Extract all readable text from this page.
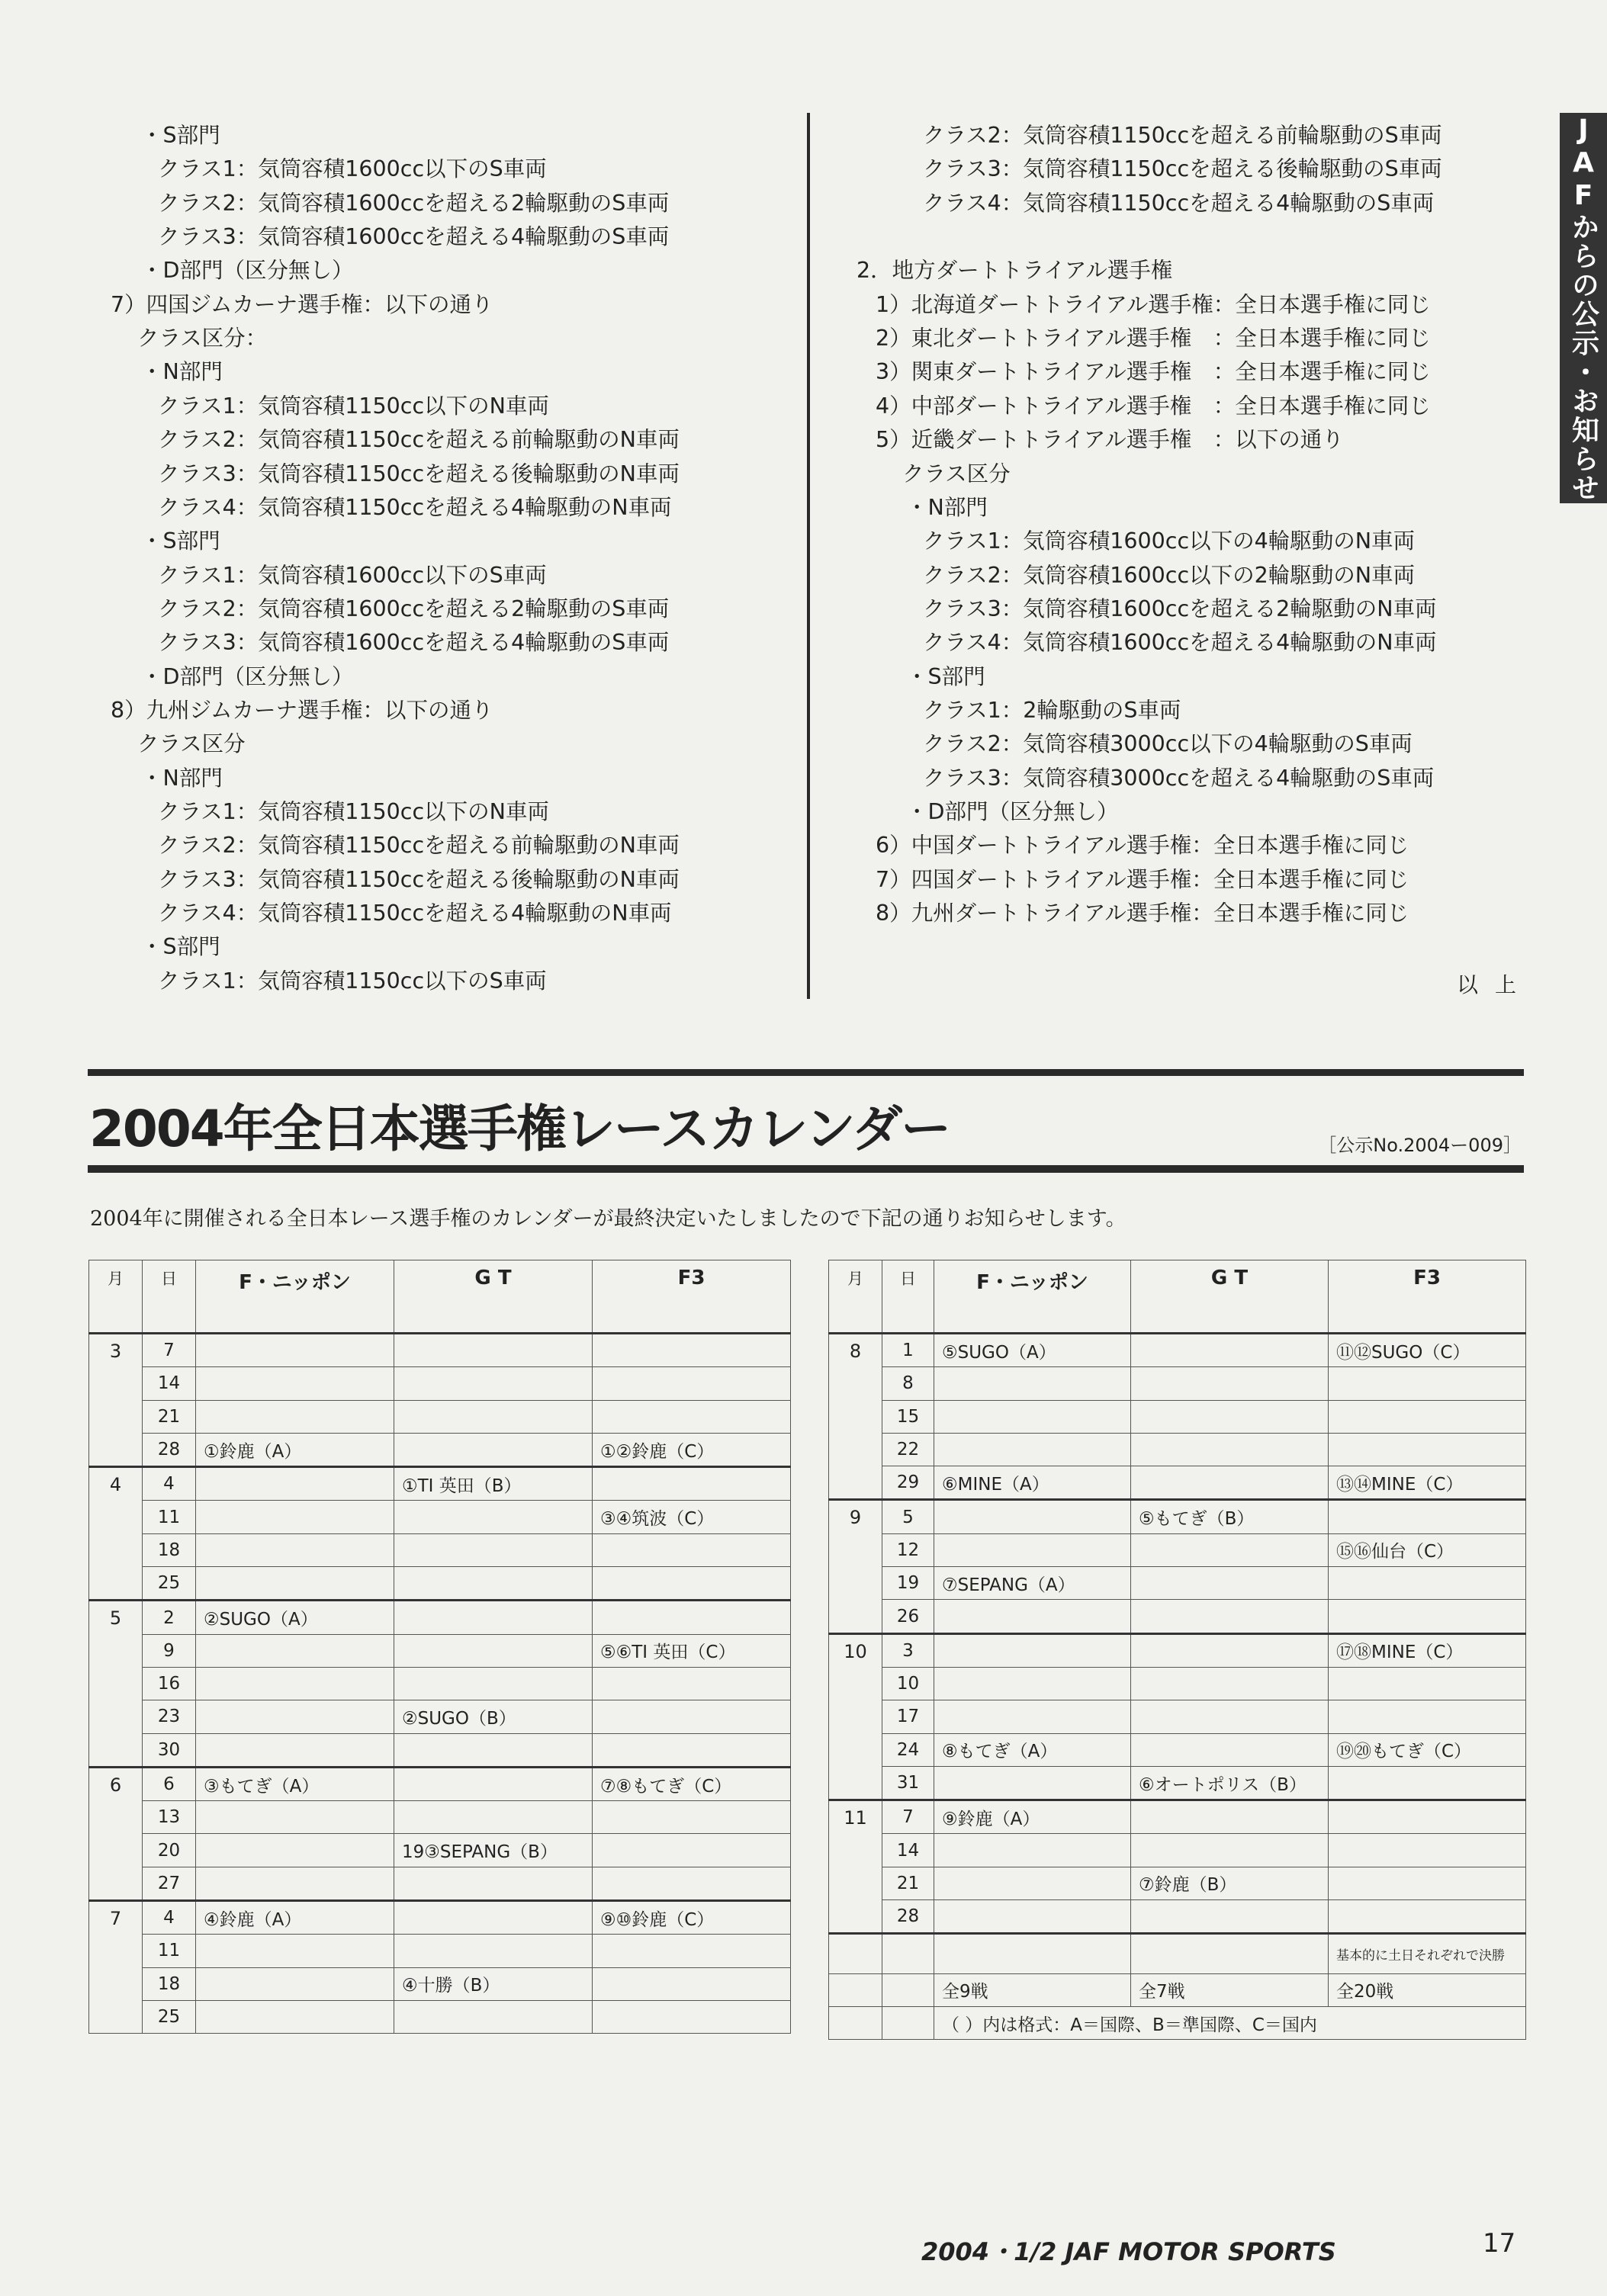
JAFからの公示・お知らせ
・S部門
クラス1：気筒容積1600cc以下のS車両
クラス2：気筒容積1600ccを超える2輪駆動のS車両
クラス3：気筒容積1600ccを超える4輪駆動のS車両
・D部門（区分無し）
7）四国ジムカーナ選手権：以下の通り
クラス区分：
・N部門
クラス1：気筒容積1150cc以下のN車両
クラス2：気筒容積1150ccを超える前輪駆動のN車両
クラス3：気筒容積1150ccを超える後輪駆動のN車両
クラス4：気筒容積1150ccを超える4輪駆動のN車両
・S部門
クラス1：気筒容積1600cc以下のS車両
クラス2：気筒容積1600ccを超える2輪駆動のS車両
クラス3：気筒容積1600ccを超える4輪駆動のS車両
・D部門（区分無し）
8）九州ジムカーナ選手権：以下の通り
クラス区分
・N部門
クラス1：気筒容積1150cc以下のN車両
クラス2：気筒容積1150ccを超える前輪駆動のN車両
クラス3：気筒容積1150ccを超える後輪駆動のN車両
クラス4：気筒容積1150ccを超える4輪駆動のN車両
・S部門
クラス1：気筒容積1150cc以下のS車両
クラス2：気筒容積1150ccを超える前輪駆動のS車両
クラス3：気筒容積1150ccを超える後輪駆動のS車両
クラス4：気筒容積1150ccを超える4輪駆動のS車両
2．地方ダートトライアル選手権
1）北海道ダートトライアル選手権：全日本選手権に同じ
2）東北ダートトライアル選手権　：全日本選手権に同じ
3）関東ダートトライアル選手権　：全日本選手権に同じ
4）中部ダートトライアル選手権　：全日本選手権に同じ
5）近畿ダートトライアル選手権　：以下の通り
クラス区分
・N部門
クラス1：気筒容積1600cc以下の4輪駆動のN車両
クラス2：気筒容積1600cc以下の2輪駆動のN車両
クラス3：気筒容積1600ccを超える2輪駆動のN車両
クラス4：気筒容積1600ccを超える4輪駆動のN車両
・S部門
クラス1：2輪駆動のS車両
クラス2：気筒容積3000cc以下の4輪駆動のS車両
クラス3：気筒容積3000ccを超える4輪駆動のS車両
・D部門（区分無し）
6）中国ダートトライアル選手権：全日本選手権に同じ
7）四国ダートトライアル選手権：全日本選手権に同じ
8）九州ダートトライアル選手権：全日本選手権に同じ
以上
2004年全日本選手権レースカレンダー	［公示No.2004ー009］
2004年に開催される全日本レース選手権のカレンダーが最終決定いたしましたので下記の通りお知らせします。
月	日	F・ニッポン	G T	F3
3	7			
	14			
	21			
	28	①鈴鹿（A）		①②鈴鹿（C）
4	4		①TI 英田（B）	
	11			③④筑波（C）
	18			
	25			
5	2	②SUGO（A）		
	9			⑤⑥TI 英田（C）
	16			
	23		②SUGO（B）	
	30			
6	6	③もてぎ（A）		⑦⑧もてぎ（C）
	13			
	20		19③SEPANG（B）	
	27			
7	4	④鈴鹿（A）		⑨⑩鈴鹿（C）
	11			
	18		④十勝（B）	
	25			
月	日	F・ニッポン	G T	F3
8	1	⑤SUGO（A）		⑪⑫SUGO（C）
	8			
	15			
	22			
	29	⑥MINE（A）		⑬⑭MINE（C）
9	5		⑤もてぎ（B）	
	12			⑮⑯仙台（C）
	19	⑦SEPANG（A）		
	26			
10	3			⑰⑱MINE（C）
	10			
	17			
	24	⑧もてぎ（A）		⑲⑳もてぎ（C）
	31		⑥オートポリス（B）	
11	7	⑨鈴鹿（A）		
	14			
	21		⑦鈴鹿（B）	
	28			
				基本的に土日それぞれで決勝
		全9戦	全7戦	全20戦
		（ ）内は格式：A＝国際、B＝準国際、C＝国内		
2004・1/2 JAF MOTOR SPORTS	17
